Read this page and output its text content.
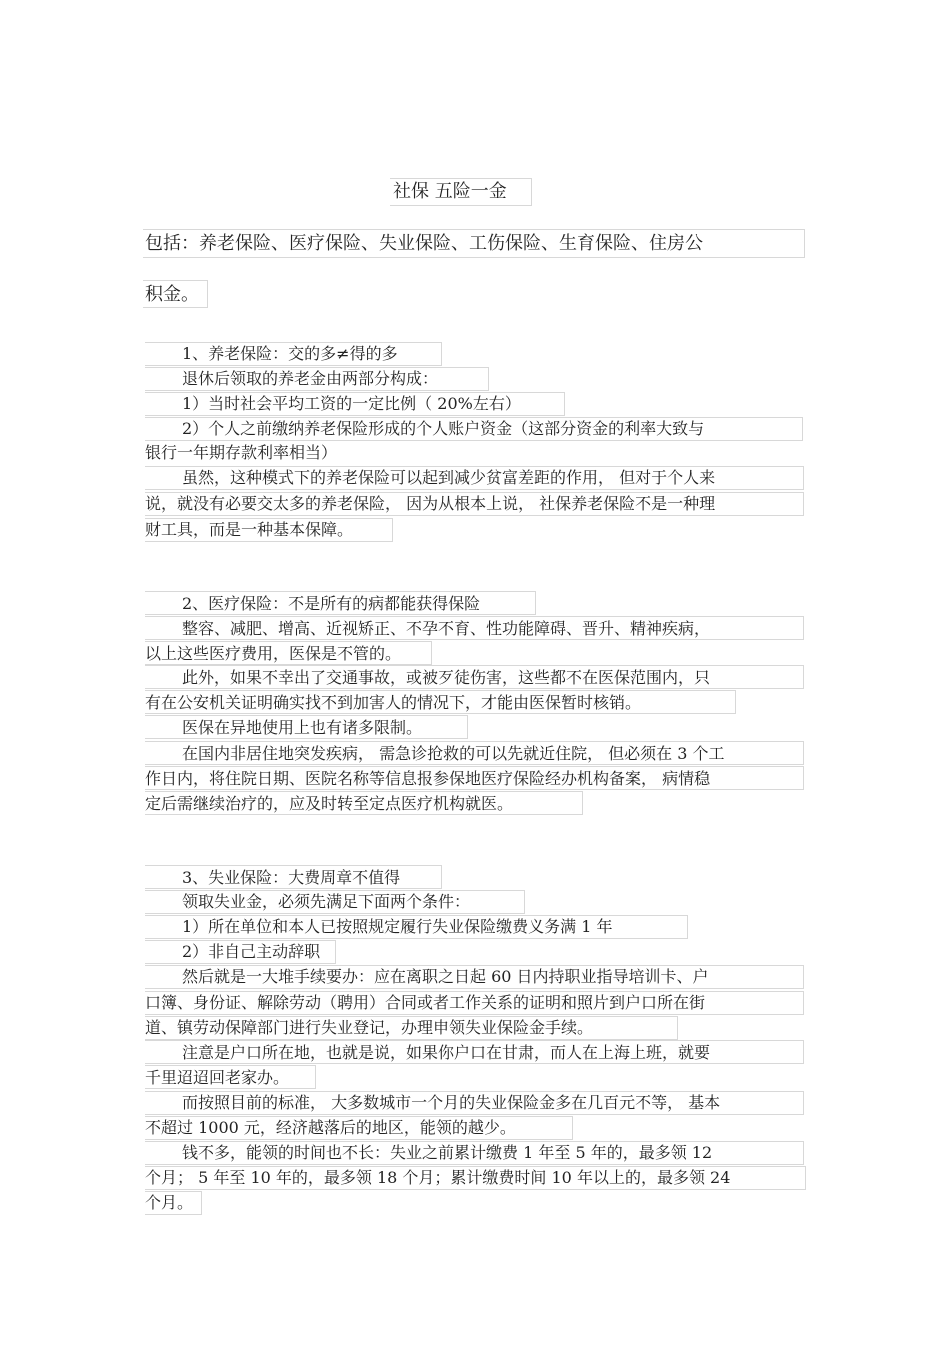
社保 五险一金
包括：养老保险、医疗保险、失业保险、工伤保险、生育保险、住房公
积金。
1、养老保险：交的多≠得的多
退休后领取的养老金由两部分构成：
1）当时社会平均工资的一定比例（ 20%左右）
2）个人之前缴纳养老保险形成的个人账户资金（这部分资金的利率大致与
银行一年期存款利率相当）
虽然，这种模式下的养老保险可以起到减少贫富差距的作用， 但对于个人来
说，就没有必要交太多的养老保险， 因为从根本上说， 社保养老保险不是一种理
财工具，而是一种基本保障。
2、医疗保险：不是所有的病都能获得保险
整容、减肥、增高、近视矫正、不孕不育、性功能障碍、晋升、精神疾病，
以上这些医疗费用，医保是不管的。
此外，如果不幸出了交通事故，或被歹徒伤害，这些都不在医保范围内，只
有在公安机关证明确实找不到加害人的情况下，才能由医保暂时核销。
医保在异地使用上也有诸多限制。
在国内非居住地突发疾病， 需急诊抢救的可以先就近住院， 但必须在 3 个工
作日内，将住院日期、医院名称等信息报参保地医疗保险经办机构备案， 病情稳
定后需继续治疗的，应及时转至定点医疗机构就医。
3、失业保险：大费周章不值得
领取失业金，必须先满足下面两个条件：
1）所在单位和本人已按照规定履行失业保险缴费义务满 1 年
2）非自己主动辞职
然后就是一大堆手续要办：应在离职之日起 60 日内持职业指导培训卡、户
口簿、身份证、解除劳动（聘用）合同或者工作关系的证明和照片到户口所在街
道、镇劳动保障部门进行失业登记，办理申领失业保险金手续。
注意是户口所在地，也就是说，如果你户口在甘肃，而人在上海上班，就要
千里迢迢回老家办。
而按照目前的标准， 大多数城市一个月的失业保险金多在几百元不等， 基本
不超过 1000 元，经济越落后的地区，能领的越少。
钱不多，能领的时间也不长：失业之前累计缴费 1 年至 5 年的，最多领 12
个月； 5 年至 10 年的，最多领 18 个月；累计缴费时间 10 年以上的，最多领 24
个月。
